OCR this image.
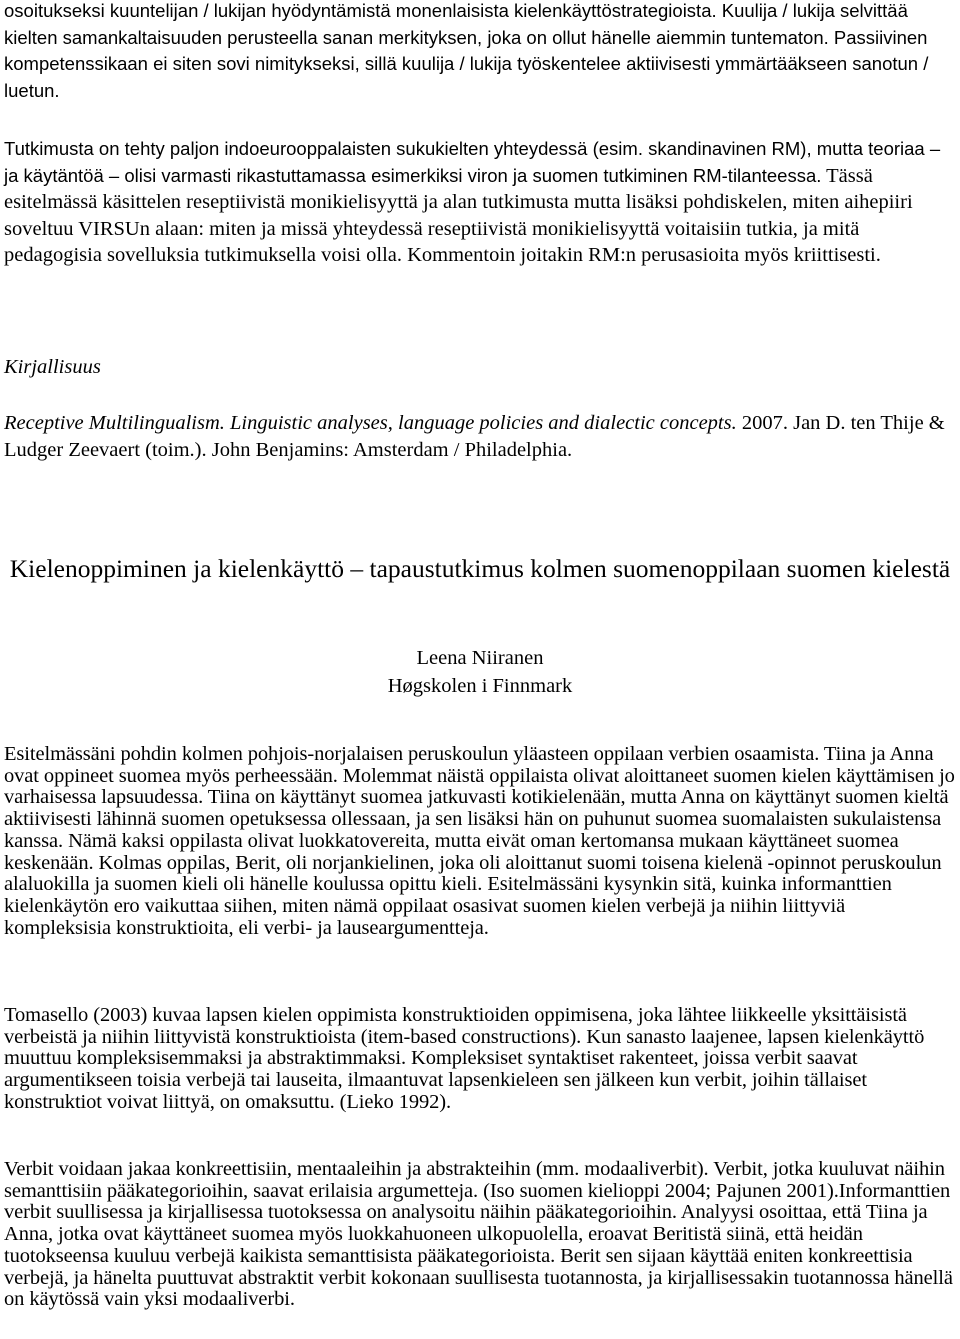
osoitukseksi kuuntelijan / lukijan hyödyntämistä monenlaisista kielenkäyttöstrategioista. Kuulija / lukija selvittää kielten samankaltaisuuden perusteella sanan merkityksen, joka on ollut hänelle aiemmin tuntematon. Passiivinen kompetenssikaan ei siten sovi nimitykseksi, sillä kuulija / lukija työskentelee aktiivisesti ymmärtääkseen sanotun / luetun.

Tutkimusta on tehty paljon indoeurooppalaisten sukukielten yhteydessä (esim. skandinavinen RM), mutta teoriaa – ja käytäntöä – olisi varmasti rikastuttamassa esimerkiksi viron ja suomen tutkiminen RM-tilanteessa. Tässä esitelmässä käsittelen reseptiivistä monikielisyyttä ja alan tutkimusta mutta lisäksi pohdiskelen, miten aihepiiri soveltuu VIRSUn alaan: miten ja missä yhteydessä reseptiivistä monikielisyyttä voitaisiin tutkia, ja mitä pedagogisia sovelluksia tutkimuksella voisi olla. Kommentoin joitakin RM:n perusasioita myös kriittisesti.

Kirjallisuus
Receptive Multilingualism. Linguistic analyses, language policies and dialectic concepts. 2007. Jan D. ten Thije & Ludger Zeevaert (toim.). John Benjamins: Amsterdam / Philadelphia.
Kielenoppiminen ja kielenkäyttö – tapaustutkimus kolmen suomenoppilaan suomen kielestä
Leena Niiranen
Høgskolen i Finnmark

Esitelmässäni pohdin kolmen pohjois-norjalaisen peruskoulun yläasteen oppilaan verbien osaamista. Tiina ja Anna ovat oppineet suomea myös perheessään. Molemmat näistä oppilaista olivat aloittaneet suomen kielen käyttämisen jo varhaisessa lapsuudessa. Tiina on käyttänyt suomea jatkuvasti kotikielenään, mutta Anna on käyttänyt suomen kieltä aktiivisesti lähinnä suomen opetuksessa ollessaan, ja sen lisäksi hän on puhunut suomea suomalaisten sukulaistensa kanssa. Nämä kaksi oppilasta olivat luokkatovereita, mutta eivät oman kertomansa mukaan käyttäneet suomea keskenään. Kolmas oppilas, Berit, oli norjankielinen, joka oli aloittanut suomi toisena kielenä -opinnot peruskoulun alaluokilla ja suomen kieli oli hänelle koulussa opittu kieli. Esitelmässäni kysynkin sitä, kuinka informanttien kielenkäytön ero vaikuttaa siihen, miten nämä oppilaat osasivat suomen kielen verbejä ja niihin liittyviä kompleksisia konstruktioita, eli verbi- ja lauseargumentteja.

Tomasello (2003) kuvaa lapsen kielen oppimista konstruktioiden oppimisena, joka lähtee liikkeelle yksittäisistä verbeistä ja niihin liittyvistä konstruktioista (item-based constructions). Kun sanasto laajenee, lapsen kielenkäyttö muuttuu kompleksisemmaksi ja abstraktimmaksi. Kompleksiset syntaktiset rakenteet, joissa verbit saavat argumentikseen toisia verbejä tai lauseita, ilmaantuvat lapsenkieleen sen jälkeen kun verbit, joihin tällaiset konstruktiot voivat liittyä, on omaksuttu. (Lieko 1992).

Verbit voidaan jakaa konkreettisiin, mentaaleihin ja abstrakteihin (mm. modaaliverbit). Verbit, jotka kuuluvat näihin semanttisiin pääkategorioihin, saavat erilaisia argumetteja. (Iso suomen kielioppi 2004; Pajunen 2001).Informanttien verbit suullisessa ja kirjallisessa tuotoksessa on analysoitu näihin pääkategorioihin. Analyysi osoittaa, että Tiina ja Anna, jotka ovat käyttäneet suomea myös luokkahuoneen ulkopuolella, eroavat Beritistä siinä, että heidän tuotokseensa kuuluu verbejä kaikista semanttisista pääkategorioista. Berit sen sijaan käyttää eniten konkreettisia verbejä, ja hänelta puuttuvat abstraktit verbit kokonaan suullisesta tuotannosta, ja kirjallisessakin tuotannossa hänellä on käytössä vain yksi modaaliverbi.
